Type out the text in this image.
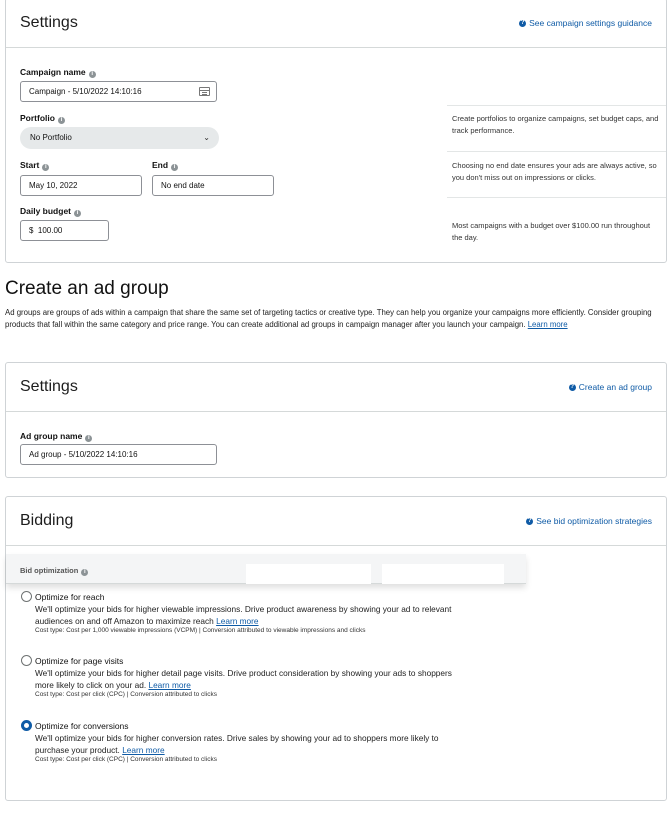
Settings	? See campaign settings guidance
Campaign name i
Campaign - 5/10/2022 14:10:16
Portfolio i
No Portfolio	⌄
Create portfolios to organize campaigns, set budget caps, and track performance.
Start i
May 10, 2022
End i
No end date
Choosing no end date ensures your ads are always active, so you don't miss out on impressions or clicks.
Daily budget i
$ 100.00
Most campaigns with a budget over $100.00 run throughout the day.
Create an ad group
Ad groups are groups of ads within a campaign that share the same set of targeting tactics or creative type. They can help you organize your campaigns more efficiently. Consider grouping products that fall within the same category and price range. You can create additional ad groups in campaign manager after you launch your campaign. Learn more
Settings	? Create an ad group
Ad group name i
Ad group - 5/10/2022 14:10:16
Bidding	? See bid optimization strategies
Bid optimization i
Optimize for reach
We'll optimize your bids for higher viewable impressions. Drive product awareness by showing your ad to relevant audiences on and off Amazon to maximize reach Learn more
Cost type: Cost per 1,000 viewable impressions (VCPM) | Conversion attributed to viewable impressions and clicks
Optimize for page visits
We'll optimize your bids for higher detail page visits. Drive product consideration by showing your ads to shoppers more likely to click on your ad. Learn more
Cost type: Cost per click (CPC) | Conversion attributed to clicks
Optimize for conversions
We'll optimize your bids for higher conversion rates. Drive sales by showing your ad to shoppers more likely to purchase your product. Learn more
Cost type: Cost per click (CPC) | Conversion attributed to clicks
